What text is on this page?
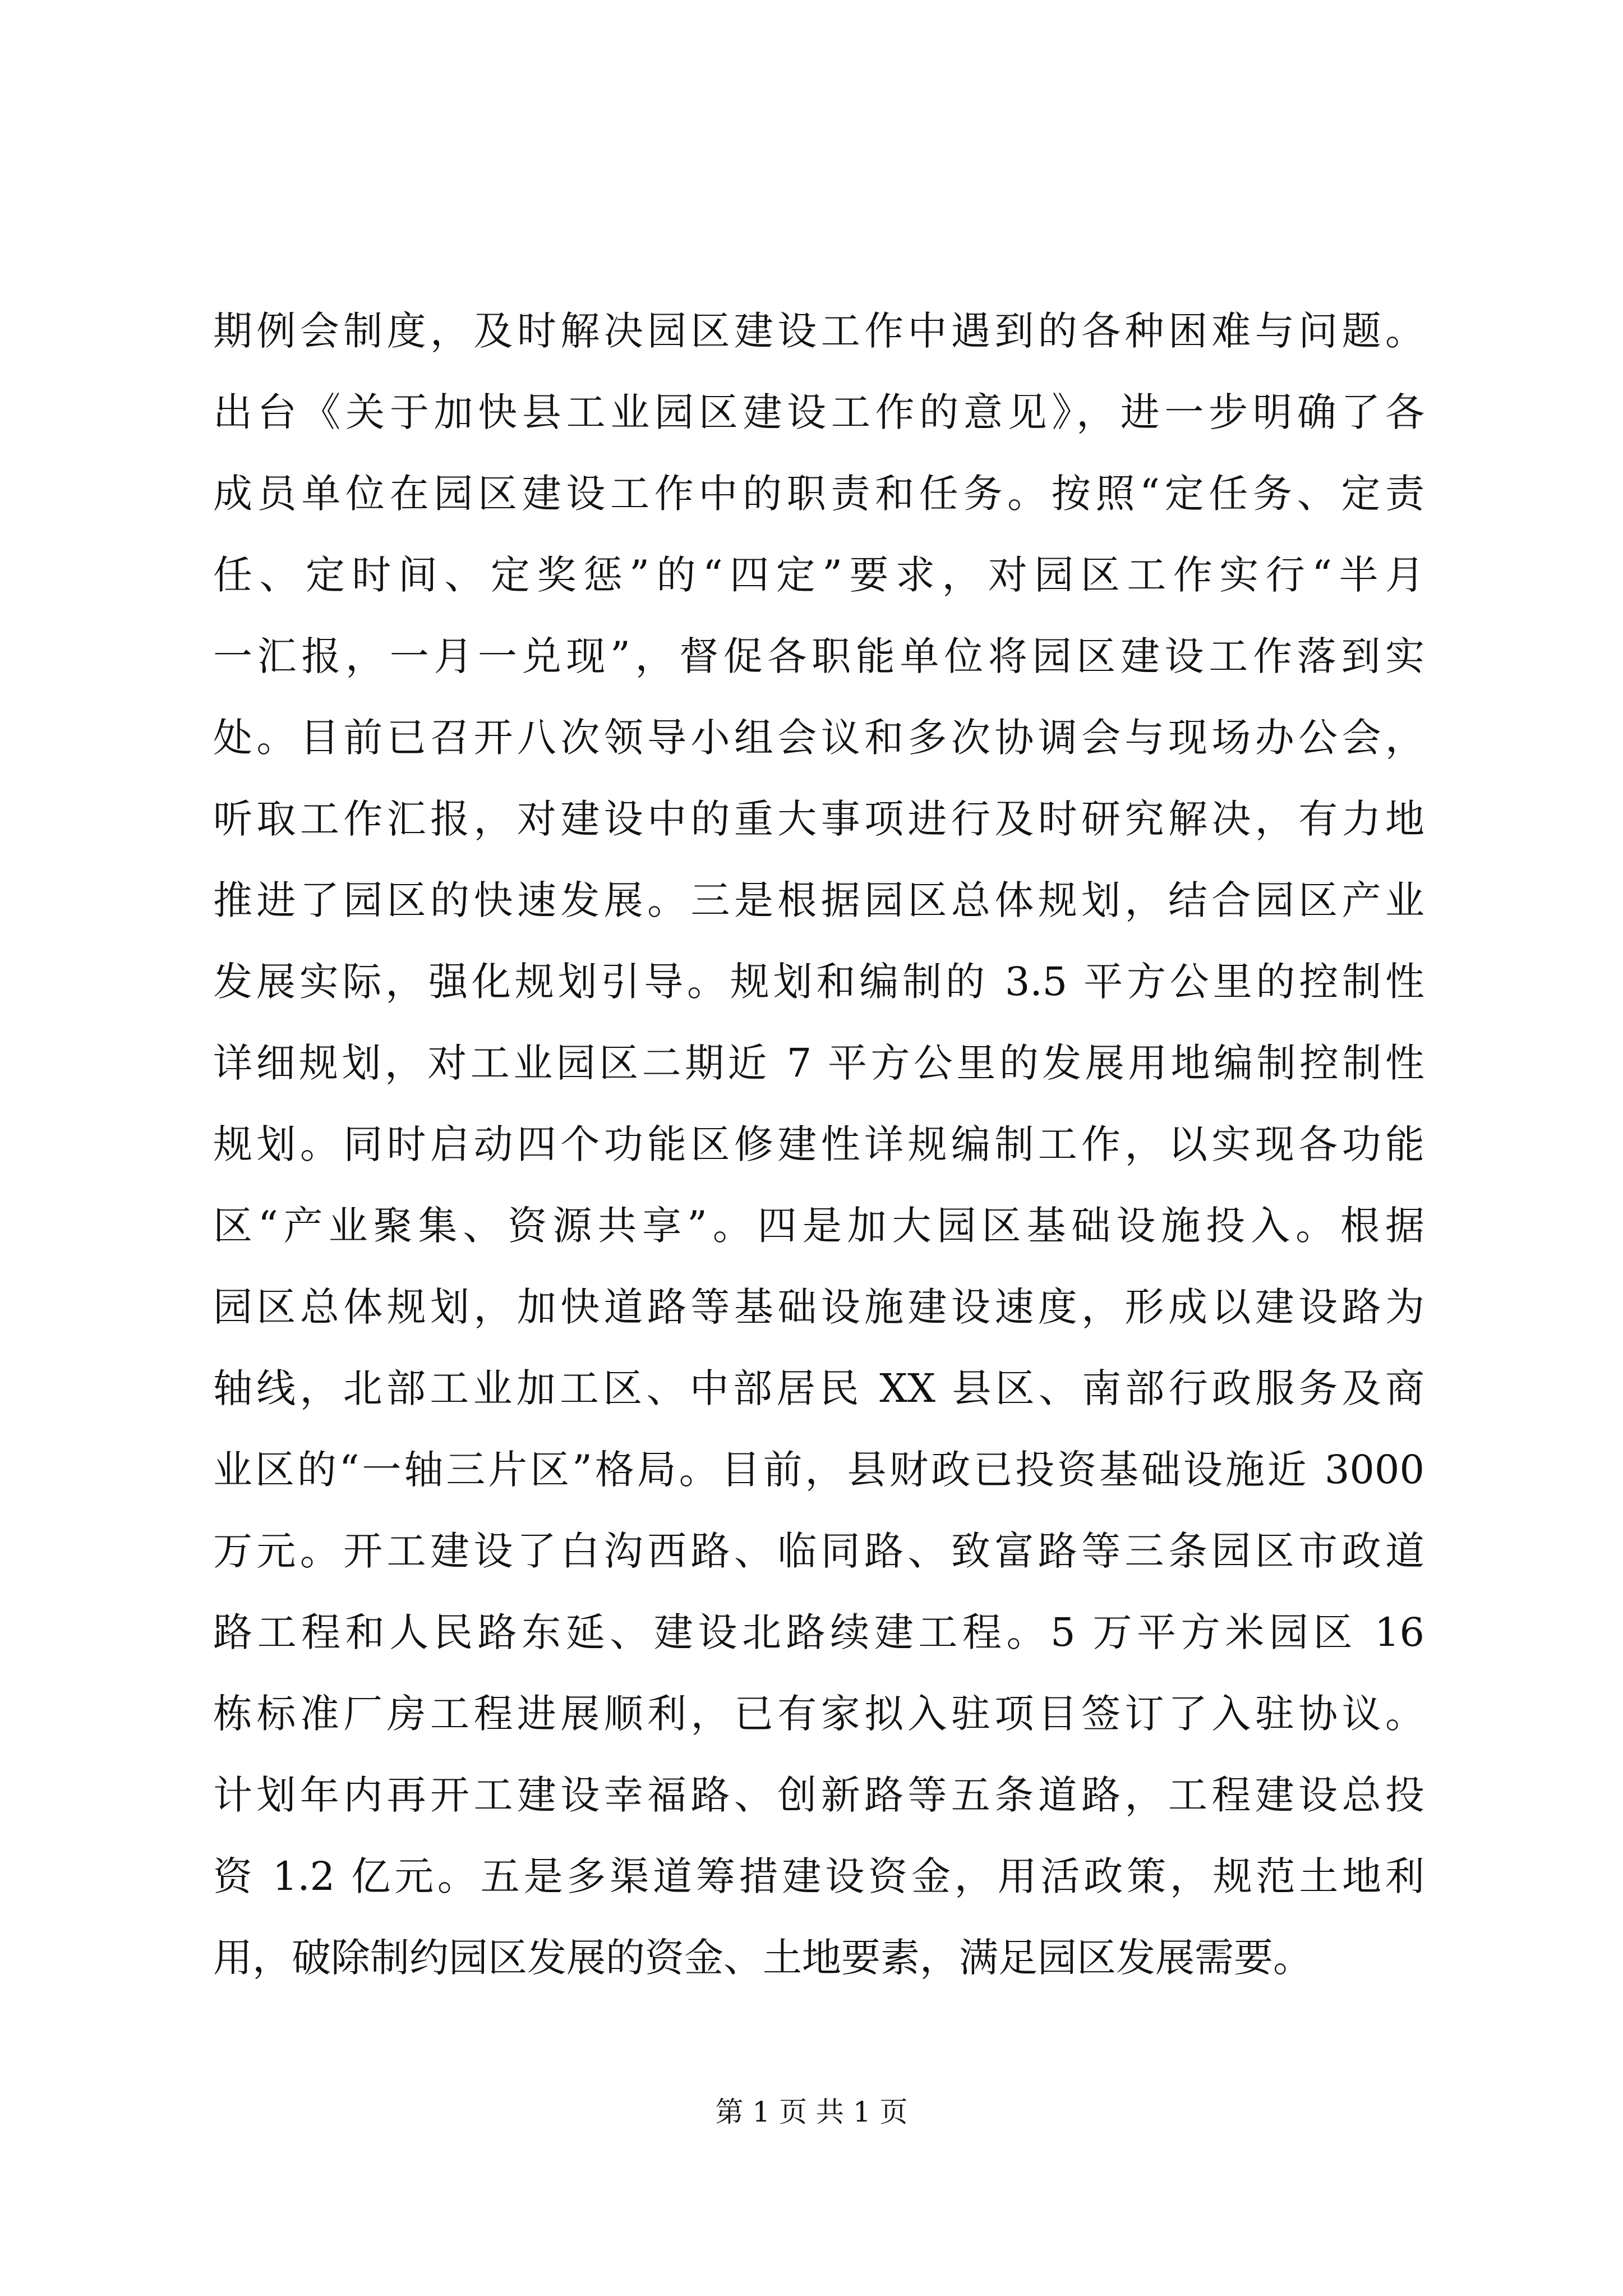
期例会制度，及时解决园区建设工作中遇到的各种困难与问题。
出台《关于加快县工业园区建设工作的意见》，进一步明确了各
成员单位在园区建设工作中的职责和任务。按照“定任务、定责
任、定时间、定奖惩”的“四定”要求，对园区工作实行“半月
一汇报，一月一兑现”，督促各职能单位将园区建设工作落到实
处。目前已召开八次领导小组会议和多次协调会与现场办公会，
听取工作汇报，对建设中的重大事项进行及时研究解决，有力地
推进了园区的快速发展。三是根据园区总体规划，结合园区产业
发展实际，强化规划引导。规划和编制的 3.5 平方公里的控制性
详细规划，对工业园区二期近 7 平方公里的发展用地编制控制性
规划。同时启动四个功能区修建性详规编制工作，以实现各功能
区“产业聚集、资源共享”。四是加大园区基础设施投入。根据
园区总体规划，加快道路等基础设施建设速度，形成以建设路为
轴线，北部工业加工区、中部居民 XX 县区、南部行政服务及商
业区的“一轴三片区”格局。目前，县财政已投资基础设施近 3000
万元。开工建设了白沟西路、临同路、致富路等三条园区市政道
路工程和人民路东延、建设北路续建工程。5 万平方米园区 16
栋标准厂房工程进展顺利，已有家拟入驻项目签订了入驻协议。
计划年内再开工建设幸福路、创新路等五条道路，工程建设总投
资 1.2 亿元。五是多渠道筹措建设资金，用活政策，规范土地利
用，破除制约园区发展的资金、土地要素，满足园区发展需要。
第 1 页 共 1 页
